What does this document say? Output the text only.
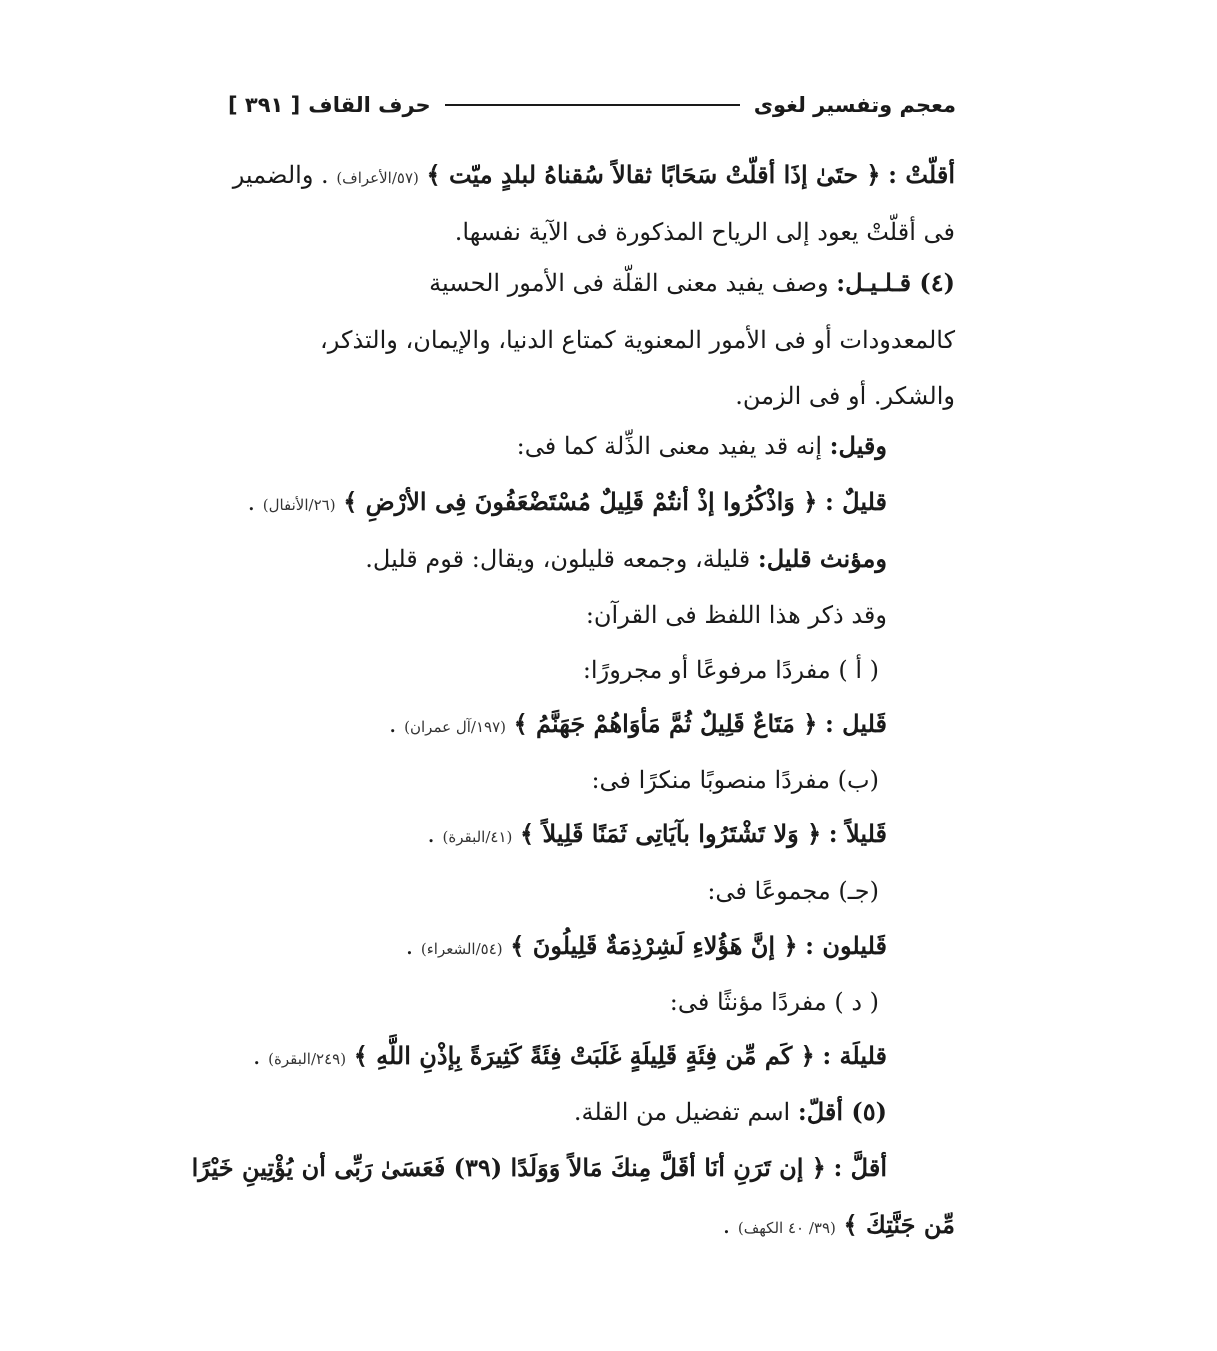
معجم وتفسير لغوى
حرف القاف
[ ٣٩١ ]
أقلّتْ : ﴿ حتَىٰ إذَا أقلّتْ سَحَابًا ثقالاً سُقناهُ لبلدٍ ميّت ﴾ (٥٧/الأعراف) . والضمير
فى أقلّتْ يعود إلى الرياح المذكورة فى الآية نفسها.
(٤) قـلـيـل: وصف يفيد معنى القلّة فى الأمور الحسية
كالمعدودات أو فى الأمور المعنوية كمتاع الدنيا، والإيمان، والتذكر،
والشكر. أو فى الزمن.
وقيل: إنه قد يفيد معنى الذِّلة كما فى:
قليلٌ : ﴿ وَاذْكُرُوا إذْ أنتُمْ قَلِيلٌ مُسْتَضْعَفُونَ فِى الأرْضِ ﴾ (٢٦/الأنفال) .
ومؤنث قليل: قليلة، وجمعه قليلون، ويقال: قوم قليل.
وقد ذكر هذا اللفظ فى القرآن:
( أ ) مفردًا مرفوعًا أو مجرورًا:
قَليل : ﴿ مَتَاعٌ قَلِيلٌ ثُمَّ مَأوَاهُمْ جَهَنَّمُ ﴾ (١٩٧/آل عمران) .
(ب) مفردًا منصوبًا منكرًا فى:
قَليلاً : ﴿ وَلا تَشْتَرُوا بآيَاتِى ثَمَنًا قَلِيلاً ﴾ (٤١/البقرة) .
(جـ) مجموعًا فى:
قَليلون : ﴿ إنَّ هَؤُلاءِ لَشِرْذِمَةٌ قَلِيلُونَ ﴾ (٥٤/الشعراء) .
( د ) مفردًا مؤنثًا فى:
قليلَة : ﴿ كَم مِّن فِئَةٍ قَلِيلَةٍ غَلَبَتْ فِئَةً كَثِيرَةً بِإذْنِ اللَّهِ ﴾ (٢٤٩/البقرة) .
(٥) أقلّ: اسم تفضيل من القلة.
أقلَّ : ﴿ إن تَرَنِ أنَا أقَلَّ مِنكَ مَالاً وَوَلَدًا (٣٩) فَعَسَىٰ رَبِّى أن يُؤْتِينِ خَيْرًا
مِّن جَنَّتِكَ ﴾ (٣٩/ ٤٠ الكهف) .
